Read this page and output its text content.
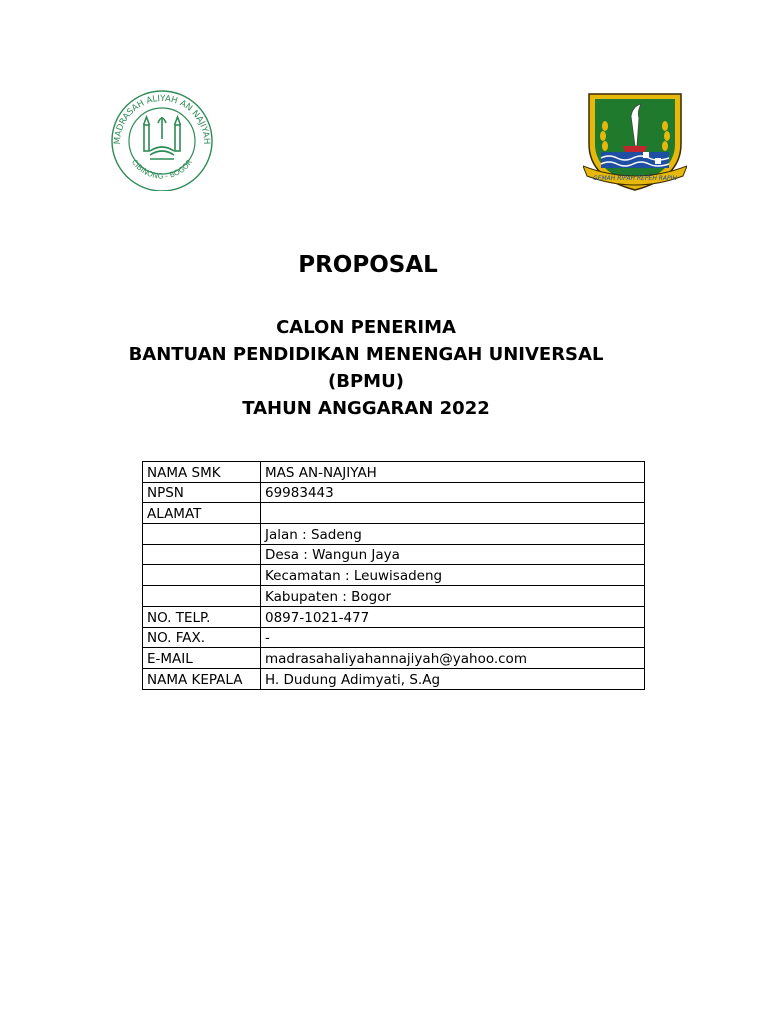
MADRASAH ALIYAH AN NAJIYAH
CIBINONG - BOGOR
GEMAH RIPAH REPEH RAPIH
PROPOSAL
CALON PENERIMA
BANTUAN PENDIDIKAN MENENGAH UNIVERSAL
(BPMU)
TAHUN ANGGARAN 2022
NAMA SMK	MAS AN-NAJIYAH
NPSN	69983443
ALAMAT	
	Jalan : Sadeng
	Desa : Wangun Jaya
	Kecamatan : Leuwisadeng
	Kabupaten : Bogor
NO. TELP.	0897-1021-477
NO. FAX.	-
E-MAIL	madrasahaliyahannajiyah@yahoo.com
NAMA KEPALA	H. Dudung Adimyati, S.Ag
